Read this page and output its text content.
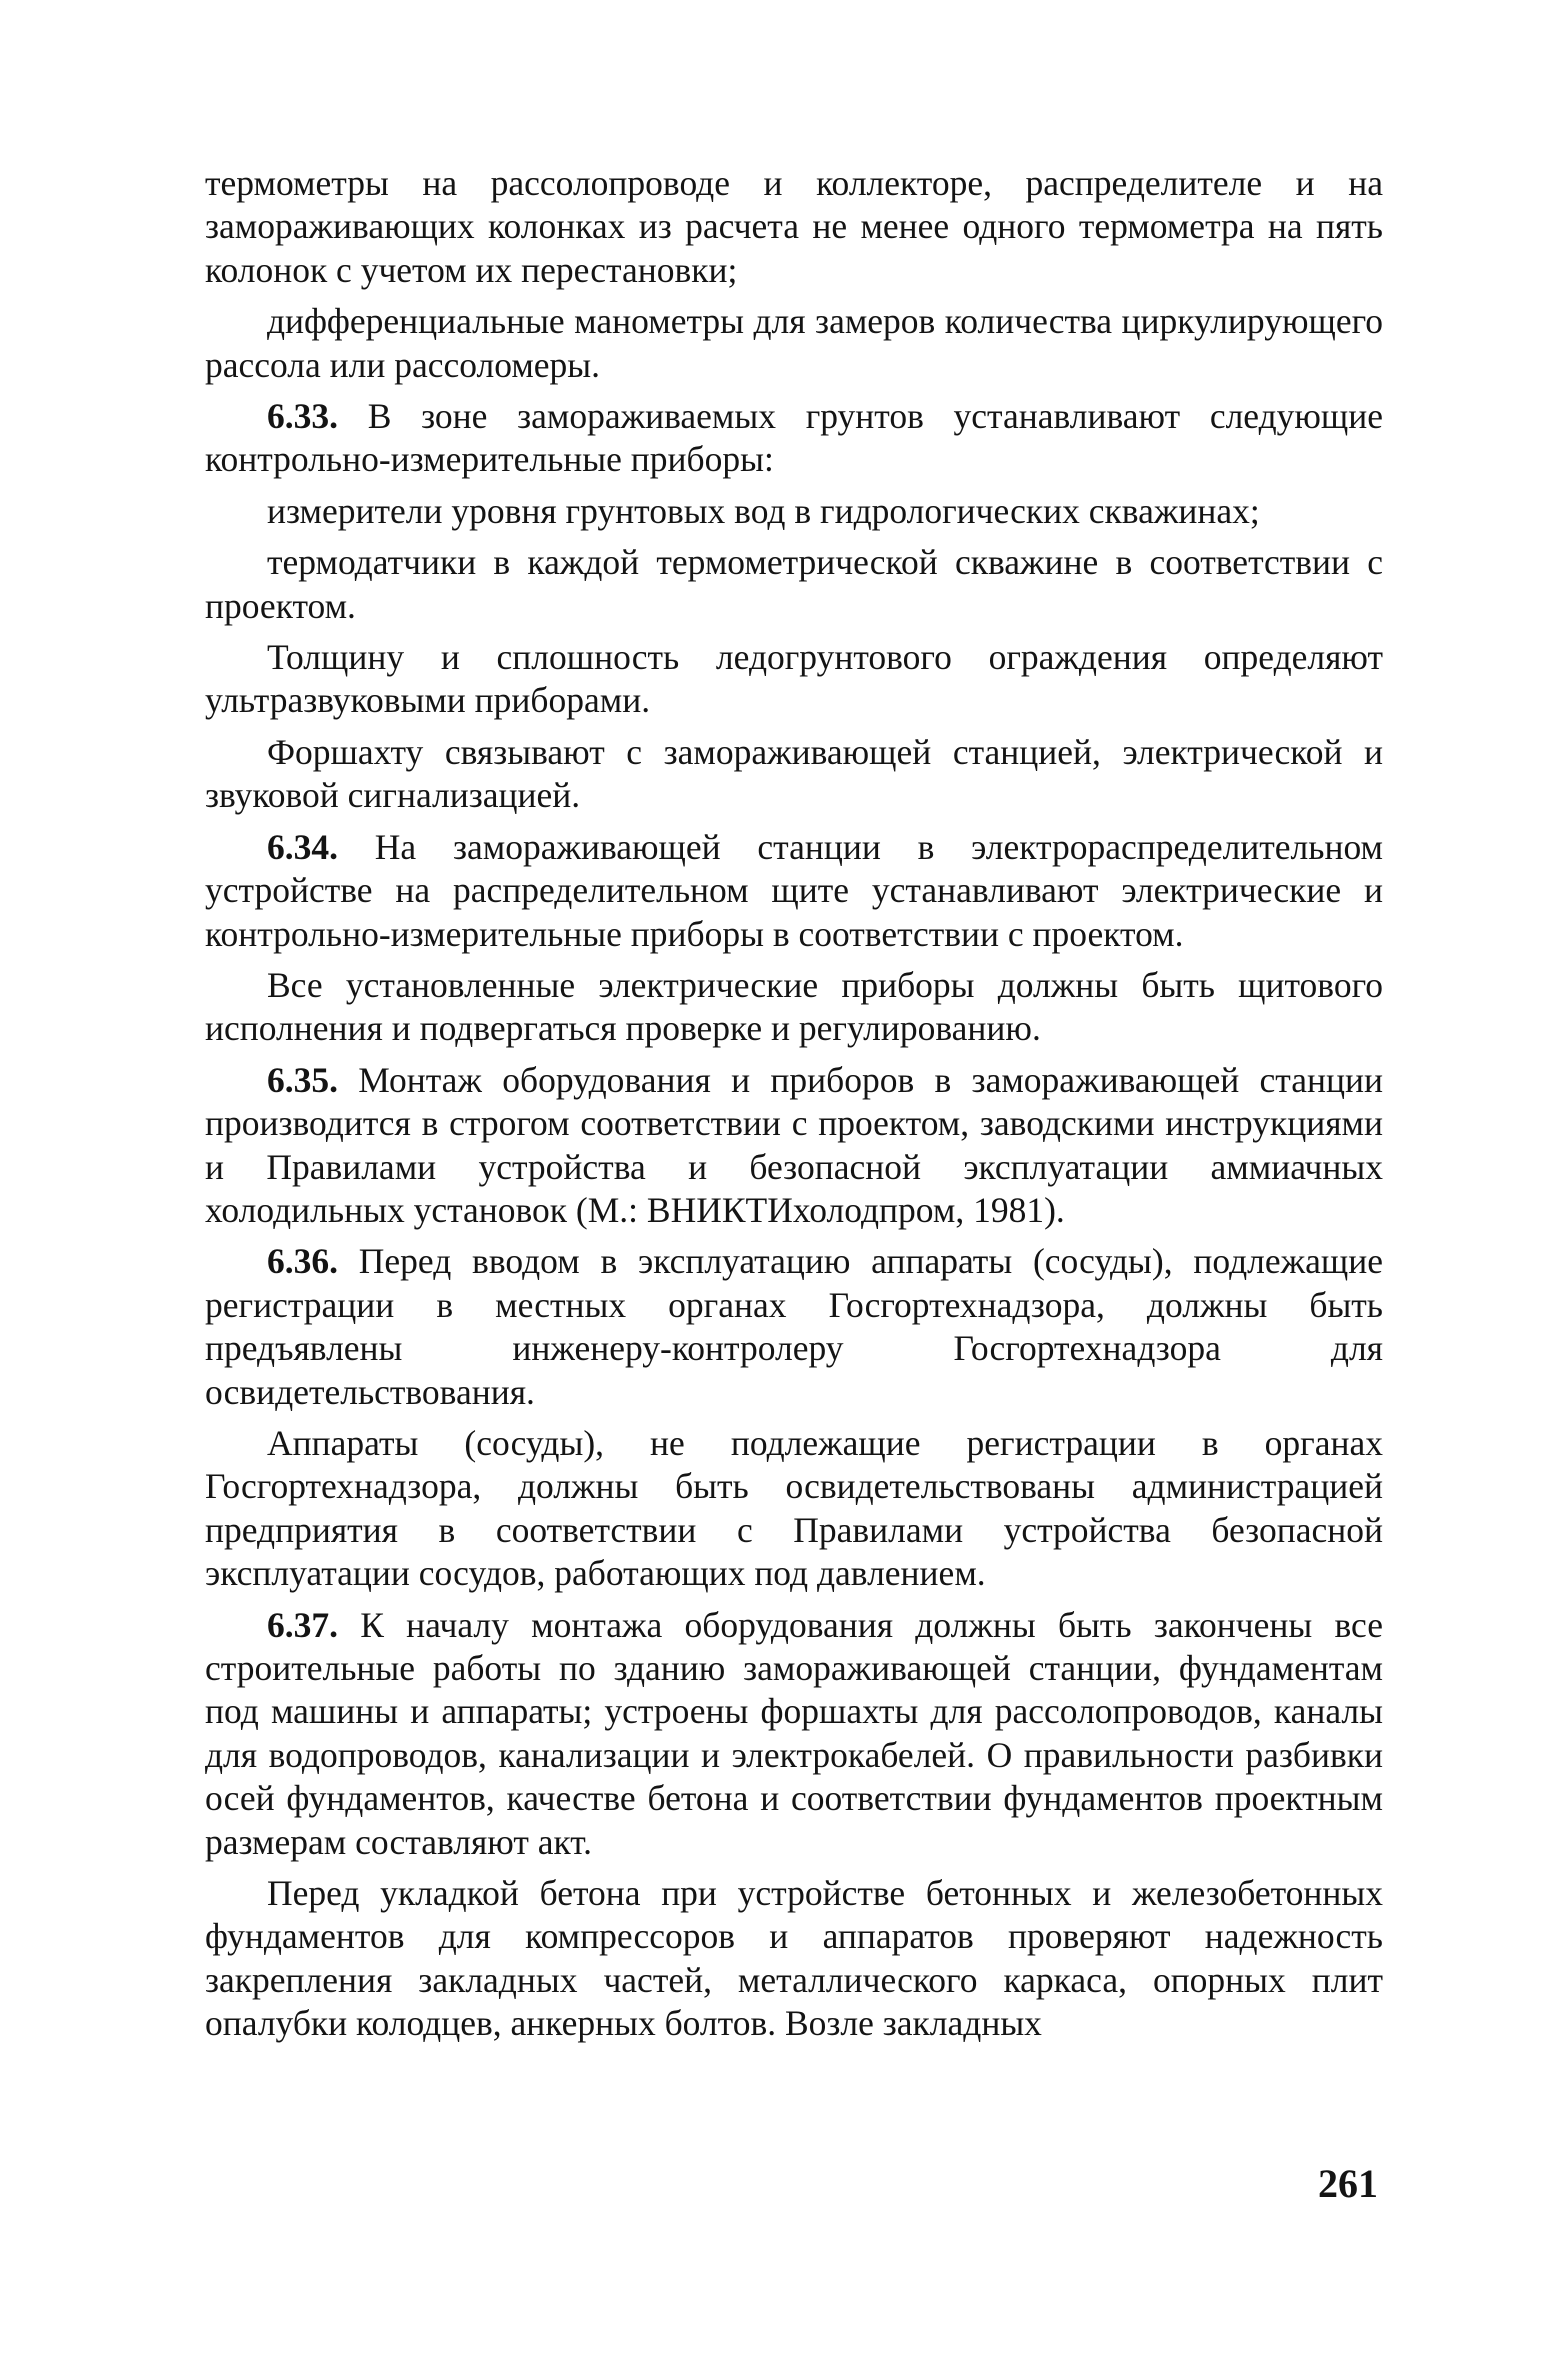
термометры на рассолопроводе и коллекторе, распределителе и на замораживающих колонках из расчета не менее одного термометра на пять колонок с учетом их перестановки;

дифференциальные манометры для замеров количества циркулирующего рассола или рассоломеры.

6.33. В зоне замораживаемых грунтов устанавливают следующие контрольно-измерительные приборы:

измерители уровня грунтовых вод в гидрологических скважинах;

термодатчики в каждой термометрической скважине в соответствии с проектом.

Толщину и сплошность ледогрунтового ограждения определяют ультразвуковыми приборами.

Форшахту связывают с замораживающей станцией, электрической и звуковой сигнализацией.

6.34. На замораживающей станции в электрораспределительном устройстве на распределительном щите устанавливают электрические и контрольно-измерительные приборы в соответствии с проектом.

Все установленные электрические приборы должны быть щитового исполнения и подвергаться проверке и регулированию.

6.35. Монтаж оборудования и приборов в замораживающей станции производится в строгом соответствии с проектом, заводскими инструкциями и Правилами устройства и безопасной эксплуатации аммиачных холодильных установок (М.: ВНИКТИхолодпром, 1981).

6.36. Перед вводом в эксплуатацию аппараты (сосуды), подлежащие регистрации в местных органах Госгортехнадзора, должны быть предъявлены инженеру-контролеру Госгортехнадзора для освидетельствования.

Аппараты (сосуды), не подлежащие регистрации в органах Госгортехнадзора, должны быть освидетельствованы администрацией предприятия в соответствии с Правилами устройства безопасной эксплуатации сосудов, работающих под давлением.

6.37. К началу монтажа оборудования должны быть закончены все строительные работы по зданию замораживающей станции, фундаментам под машины и аппараты; устроены форшахты для рассолопроводов, каналы для водопроводов, канализации и электрокабелей. О правильности разбивки осей фундаментов, качестве бетона и соответствии фундаментов проектным размерам составляют акт.

Перед укладкой бетона при устройстве бетонных и железобетонных фундаментов для компрессоров и аппаратов проверяют надежность закрепления закладных частей, металлического каркаса, опорных плит опалубки колодцев, анкерных болтов. Возле закладных

261
